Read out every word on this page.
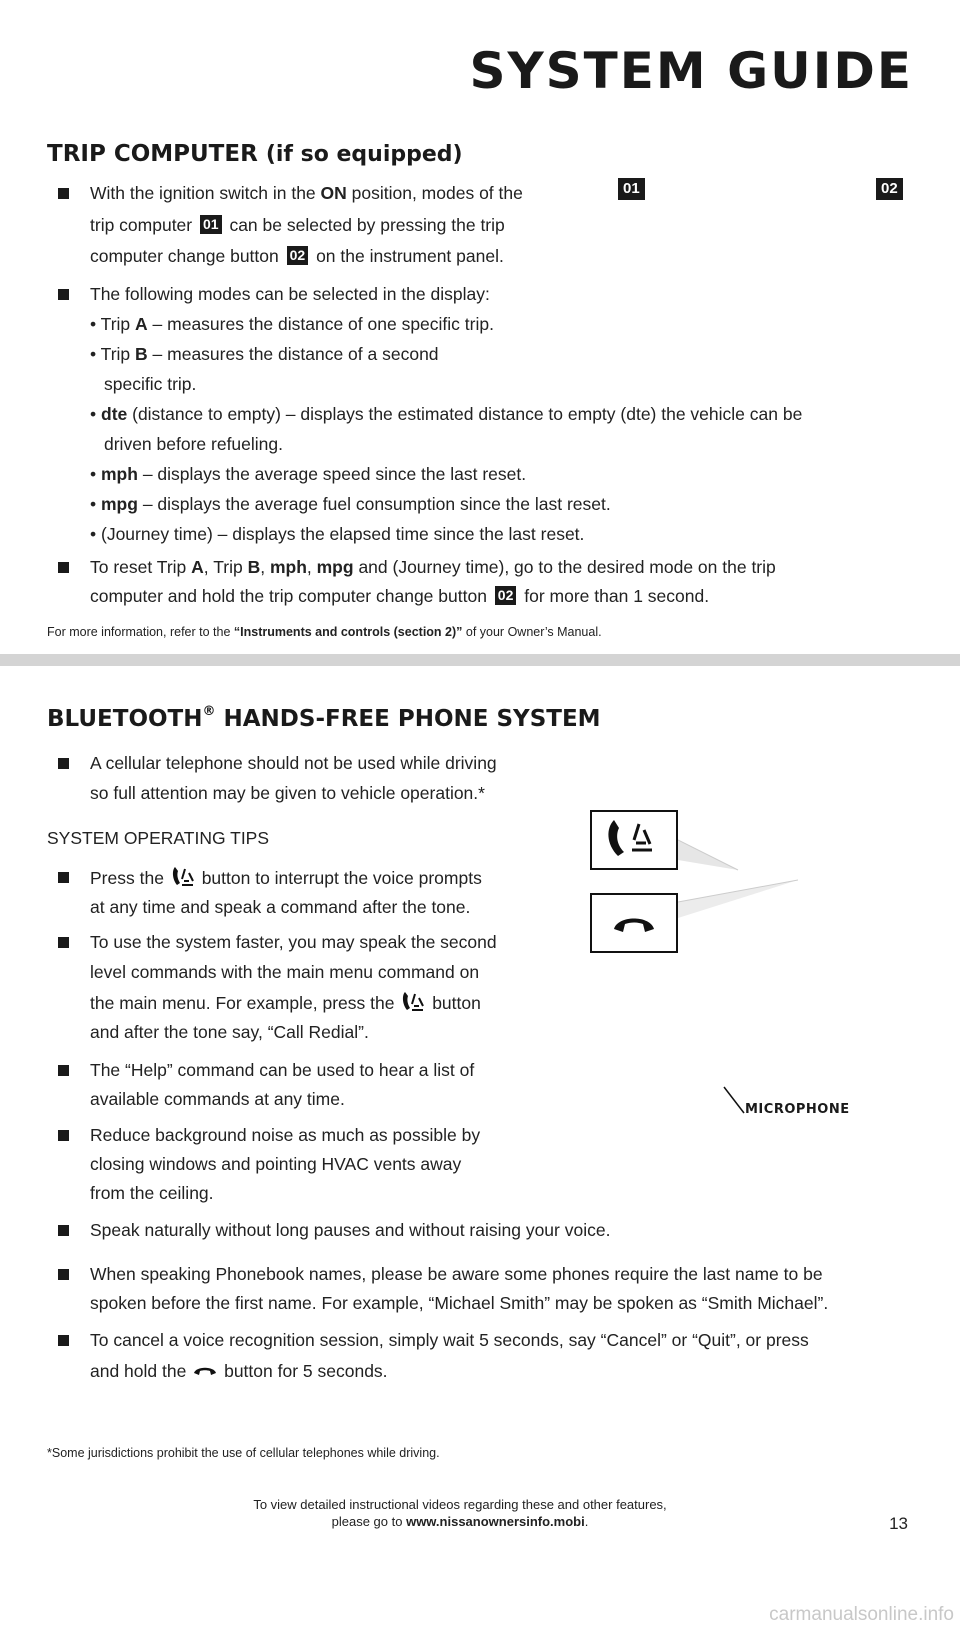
SYSTEM GUIDE
TRIP COMPUTER (if so equipped)
01	02
With the ignition switch in the ON position, modes of the
trip computer 01 can be selected by pressing the trip
computer change button 02 on the instrument panel.
The following modes can be selected in the display:
• Trip A – measures the distance of one specific trip.
• Trip B – measures the distance of a second
specific trip.
• dte (distance to empty) – displays the estimated distance to empty (dte) the vehicle can be
driven before refueling.
• mph – displays the average speed since the last reset.
• mpg – displays the average fuel consumption since the last reset.
• (Journey time) – displays the elapsed time since the last reset.
To reset Trip A, Trip B, mph, mpg and (Journey time), go to the desired mode on the trip
computer and hold the trip computer change button 02 for more than 1 second.
For more information, refer to the “Instruments and controls (section 2)” of your Owner’s Manual.
BLUETOOTH® HANDS-FREE PHONE SYSTEM
A cellular telephone should not be used while driving
so full attention may be given to vehicle operation.*
SYSTEM OPERATING TIPS
Press the button to interrupt the voice prompts
at any time and speak a command after the tone.
To use the system faster, you may speak the second
level commands with the main menu command on
the main menu. For example, press the button
and after the tone say, “Call Redial”.
The “Help” command can be used to hear a list of
available commands at any time.
Reduce background noise as much as possible by
closing windows and pointing HVAC vents away
from the ceiling.
Speak naturally without long pauses and without raising your voice.
When speaking Phonebook names, please be aware some phones require the last name to be
spoken before the first name. For example, “Michael Smith” may be spoken as “Smith Michael”.
To cancel a voice recognition session, simply wait 5 seconds, say “Cancel” or “Quit”, or press
and hold the button for 5 seconds.
MICROPHONE
*Some jurisdictions prohibit the use of cellular telephones while driving.
To view detailed instructional videos regarding these and other features,
please go to www.nissanownersinfo.mobi.	13
carmanualsonline.info
